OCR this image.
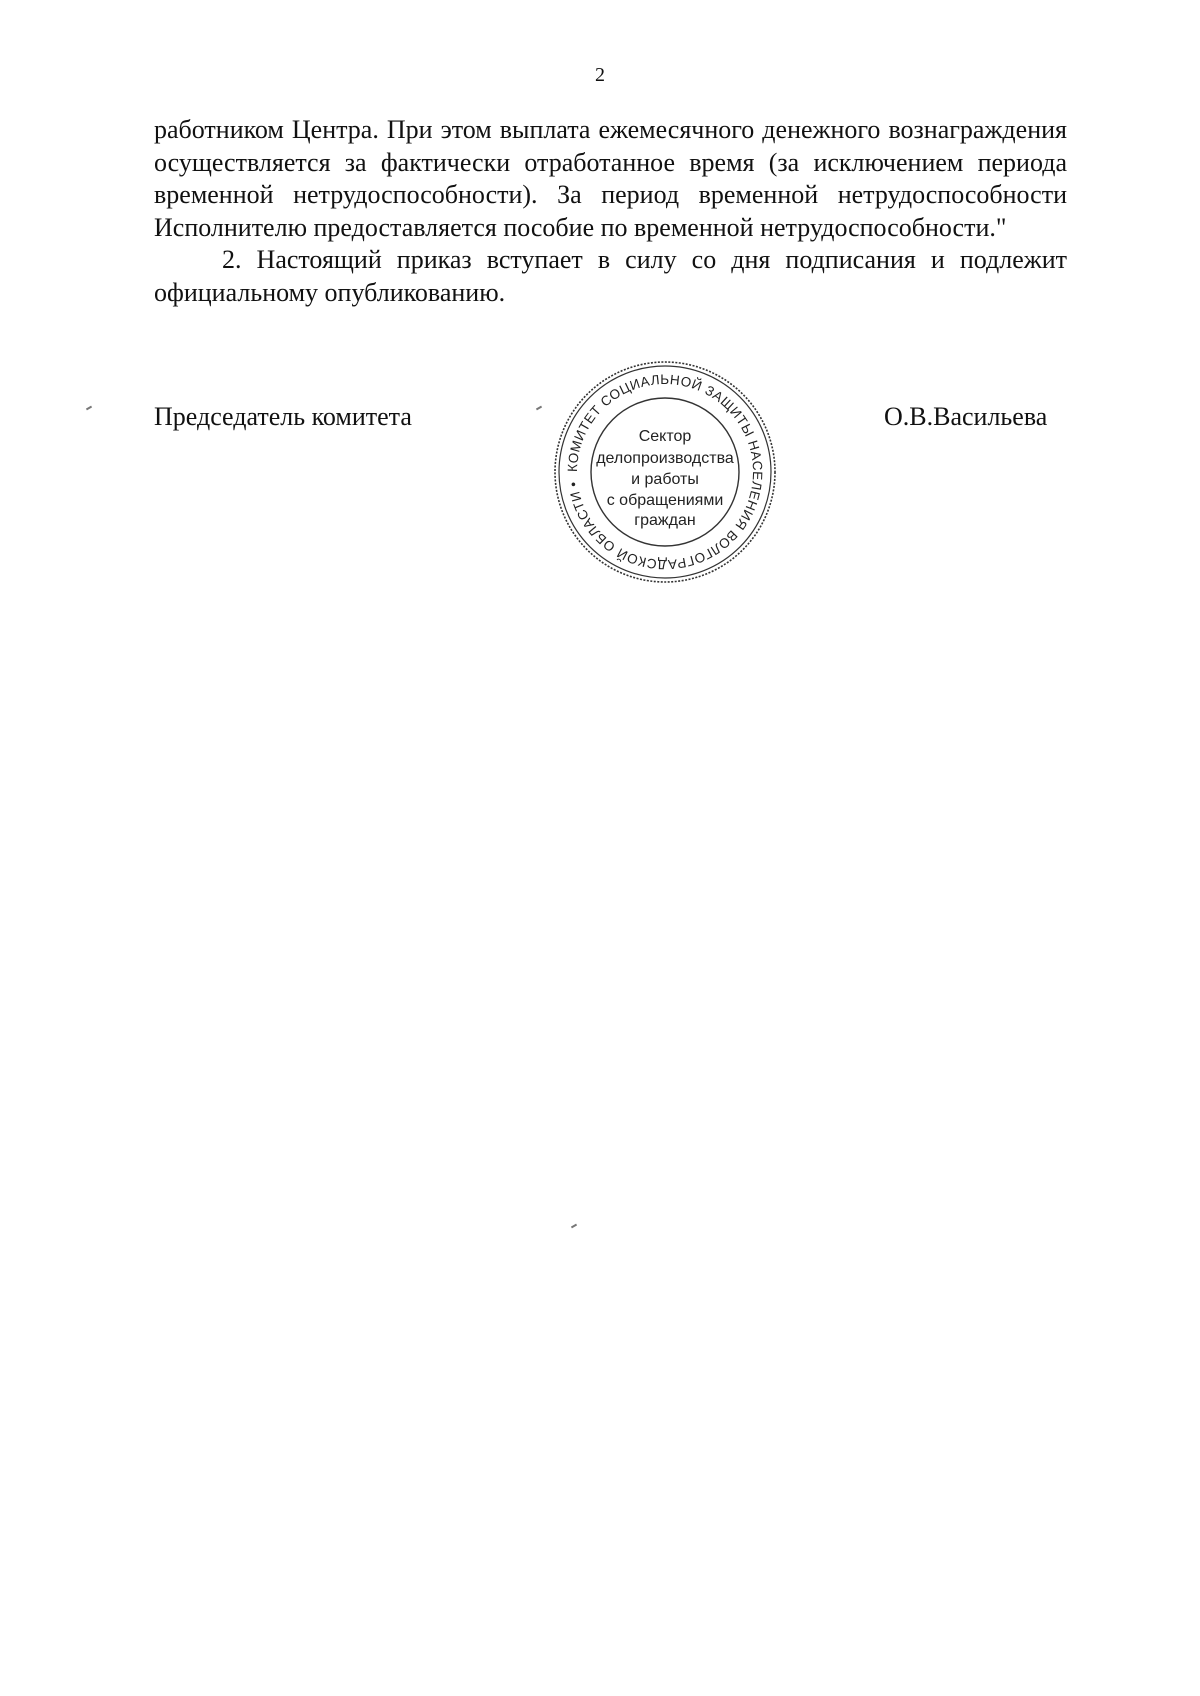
2

работником Центра. При этом выплата ежемесячного денежного вознаграждения осуществляется за фактически отработанное время (за исключением периода временной нетрудоспособности). За период временной нетрудоспособности Исполнителю предоставляется пособие по временной нетрудоспособности."

2. Настоящий приказ вступает в силу со дня подписания и подлежит официальному опубликованию.

Председатель комитета
КОМИТЕТ СОЦИАЛЬНОЙ ЗАЩИТЫ НАСЕЛЕНИЯ ВОЛГОГРАДСКОЙ ОБЛАСТИ •
Сектор
делопроизводства
и работы
с обращениями
граждан
О.В.Васильева
